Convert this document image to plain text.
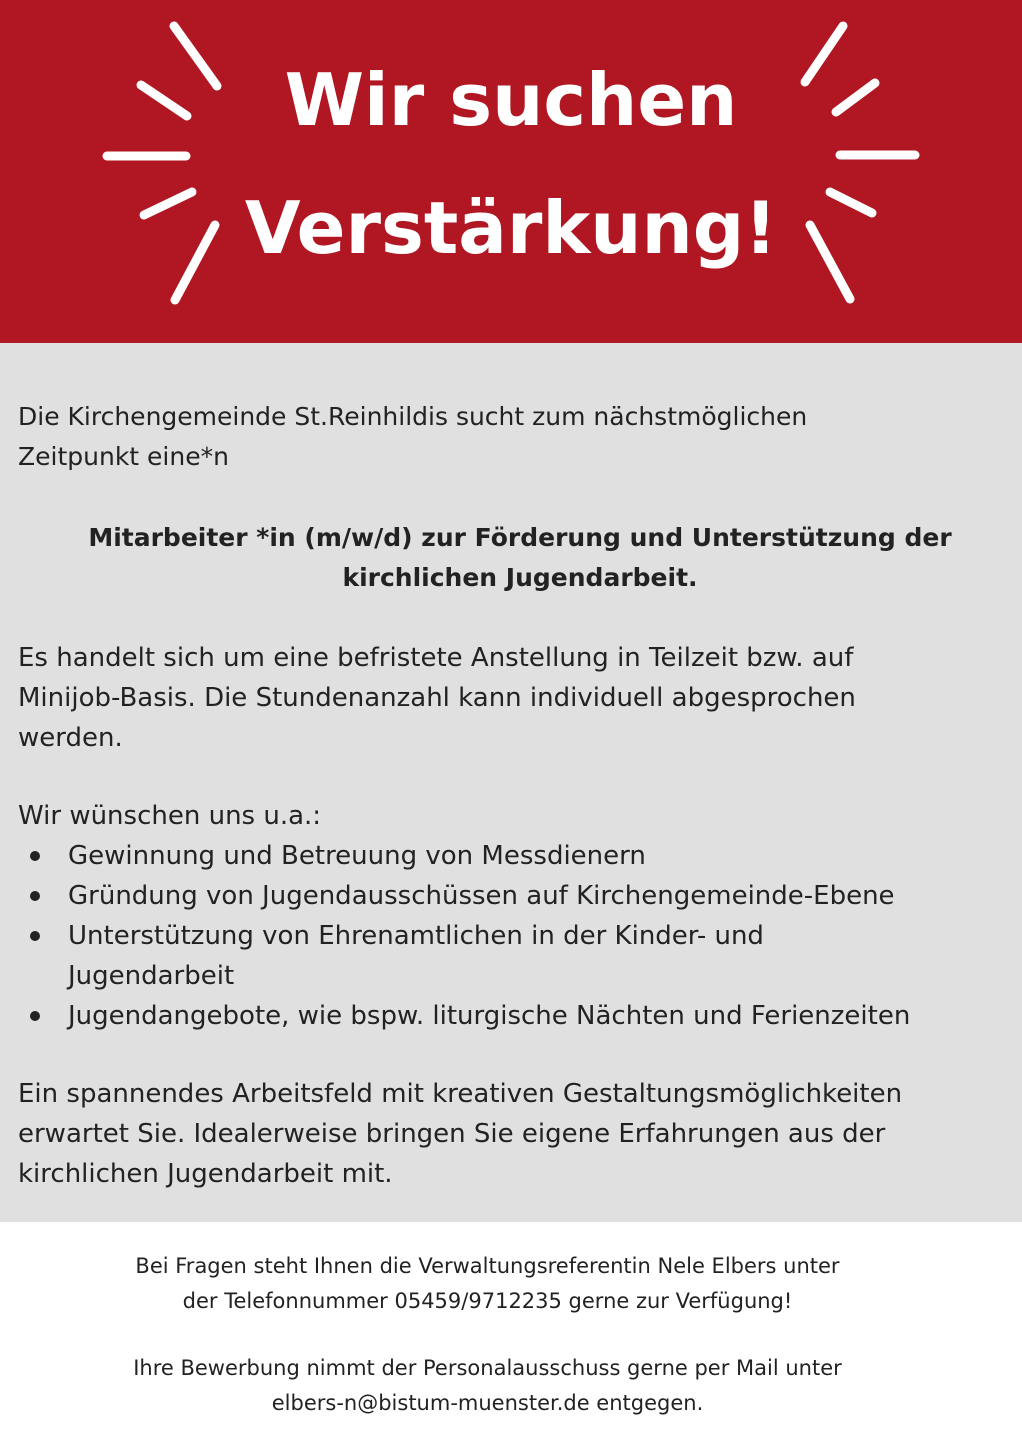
Wir suchen
Verstärkung!

Die Kirchengemeinde St.Reinhildis sucht zum nächstmöglichen
Zeitpunkt eine*n

Mitarbeiter *in (m/w/d) zur Förderung und Unterstützung der
kirchlichen Jugendarbeit.

Es handelt sich um eine befristete Anstellung in Teilzeit bzw. auf
Minijob-Basis. Die Stundenanzahl kann individuell abgesprochen
werden.

Wir wünschen uns u.a.:

Gewinnung und Betreuung von Messdienern
Gründung von Jugendausschüssen auf Kirchengemeinde-Ebene
Unterstützung von Ehrenamtlichen in der Kinder- und
Jugendarbeit
Jugendangebote, wie bspw. liturgische Nächten und Ferienzeiten

Ein spannendes Arbeitsfeld mit kreativen Gestaltungsmöglichkeiten
erwartet Sie. Idealerweise bringen Sie eigene Erfahrungen aus der
kirchlichen Jugendarbeit mit.

Bei Fragen steht Ihnen die Verwaltungsreferentin Nele Elbers unter
der Telefonnummer 05459/9712235 gerne zur Verfügung!

Ihre Bewerbung nimmt der Personalausschuss gerne per Mail unter
elbers-n@bistum-muenster.de entgegen.
